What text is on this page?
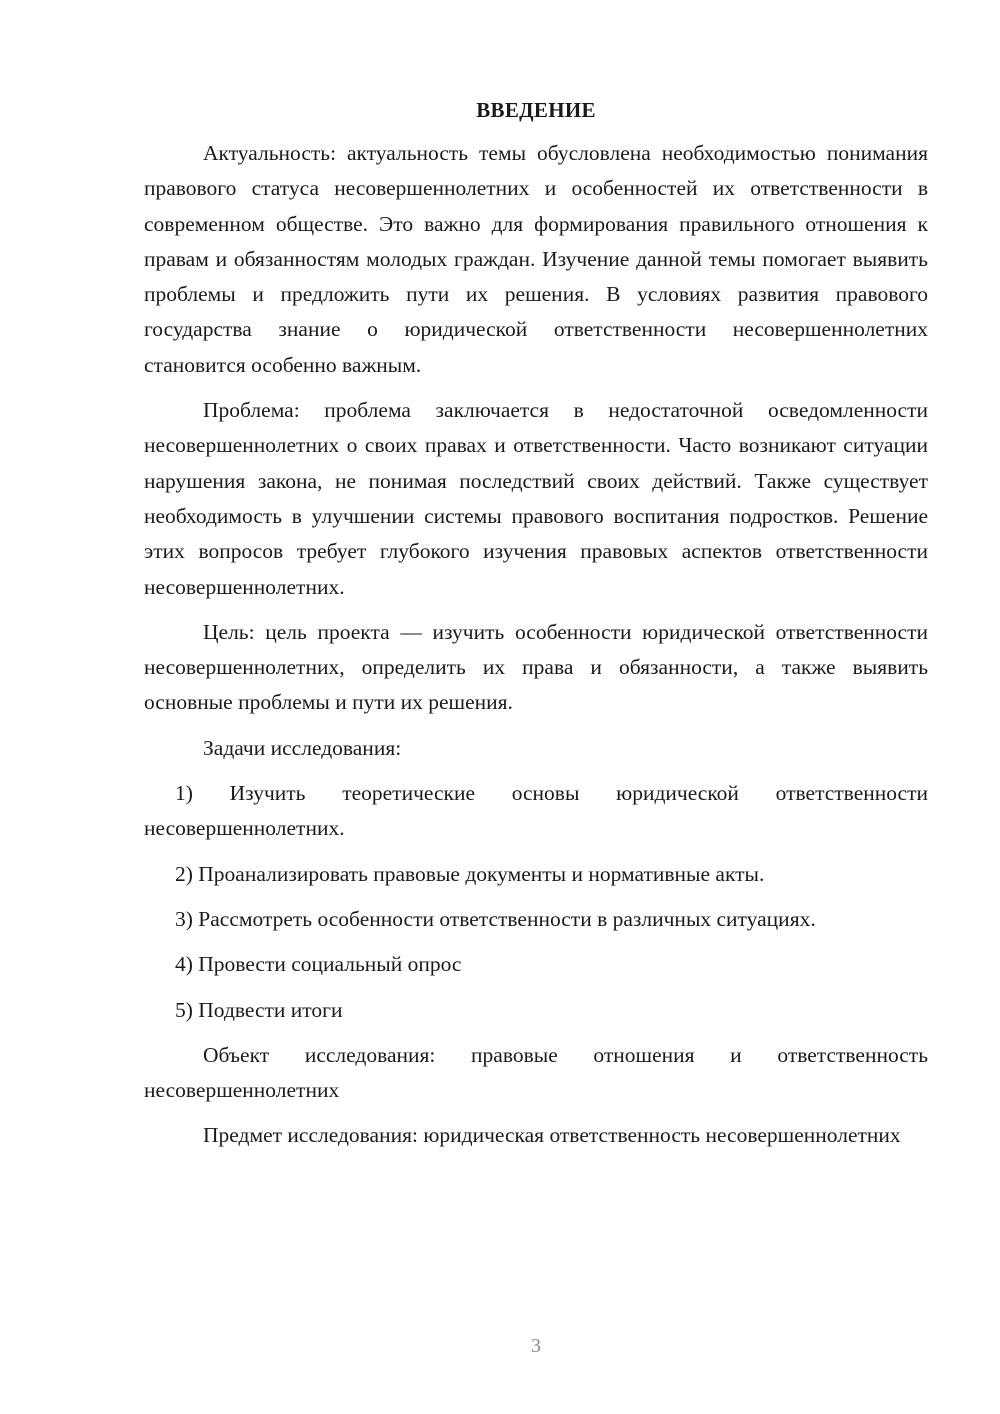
ВВЕДЕНИЕ

Актуальность: актуальность темы обусловлена необходимостью понимания правового статуса несовершеннолетних и особенностей их ответственности в современном обществе. Это важно для формирования правильного отношения к правам и обязанностям молодых граждан. Изучение данной темы помогает выявить проблемы и предложить пути их решения. В условиях развития правового государства знание о юридической ответственности несовершеннолетних становится особенно важным.

Проблема: проблема заключается в недостаточной осведомленности несовершеннолетних о своих правах и ответственности. Часто возникают ситуации нарушения закона, не понимая последствий своих действий. Также существует необходимость в улучшении системы правового воспитания подростков. Решение этих вопросов требует глубокого изучения правовых аспектов ответственности несовершеннолетних.

Цель: цель проекта — изучить особенности юридической ответственности несовершеннолетних, определить их права и обязанности, а также выявить основные проблемы и пути их решения.

Задачи исследования:

1) Изучить теоретические основы юридической ответственности несовершеннолетних.

2) Проанализировать правовые документы и нормативные акты.

3) Рассмотреть особенности ответственности в различных ситуациях.

4) Провести социальный опрос

5) Подвести итоги

Объект исследования: правовые отношения и ответственность несовершеннолетних

Предмет исследования: юридическая ответственность несовершеннолетних

3
